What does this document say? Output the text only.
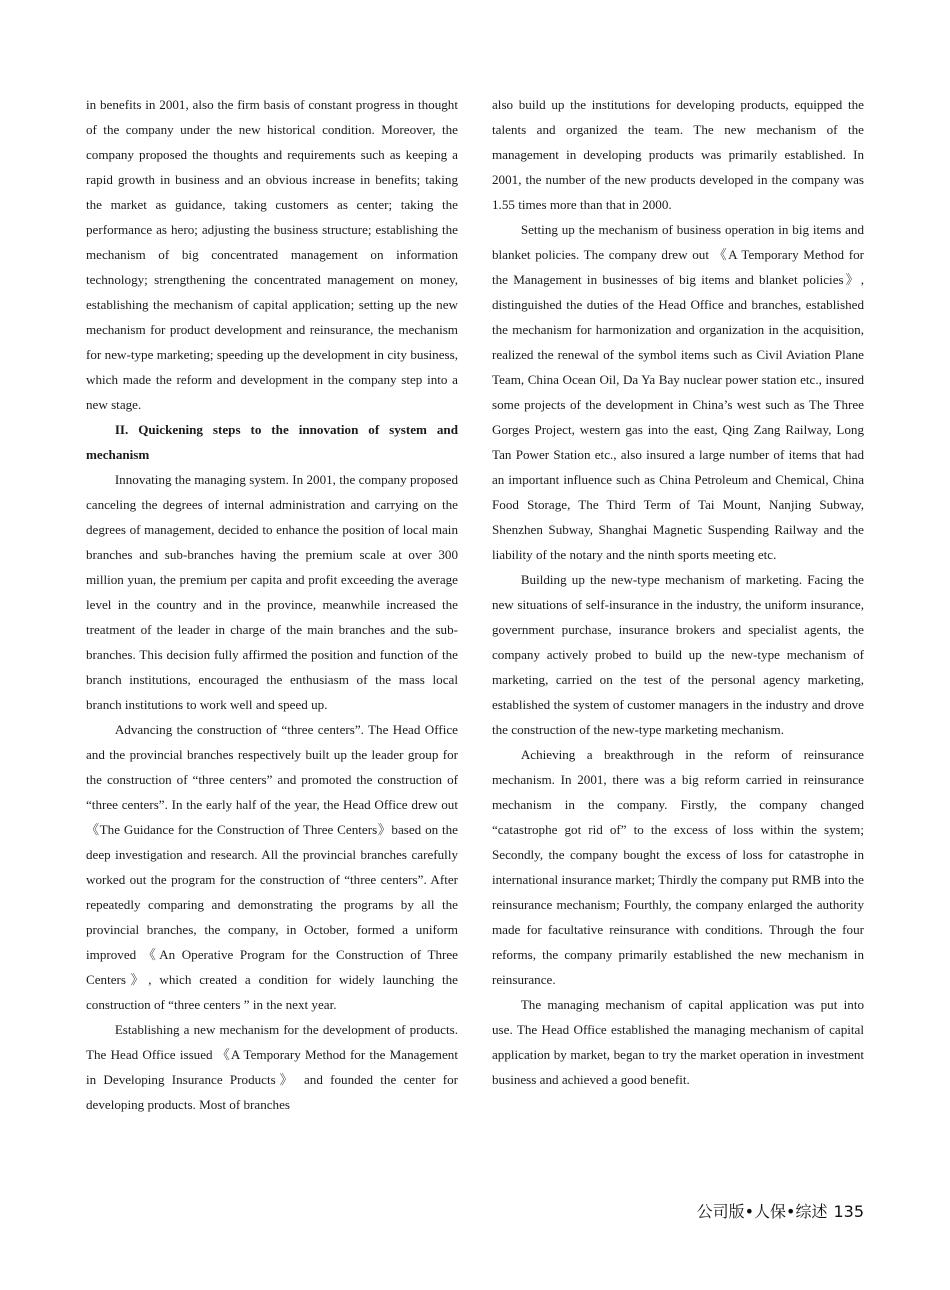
in benefits in 2001, also the firm basis of constant progress in thought of the company under the new historical condition. Moreover, the company proposed the thoughts and requirements such as keeping a rapid growth in business and an obvious increase in benefits; taking the market as guidance, taking customers as center; taking the performance as hero; adjusting the business structure; establishing the mechanism of big concentrated management on information technology; strengthening the concentrated management on money, establishing the mechanism of capital application; setting up the new mechanism for product development and reinsurance, the mechanism for new-type marketing; speeding up the development in city business, which made the reform and development in the company step into a new stage.

II. Quickening steps to the innovation of system and mechanism

Innovating the managing system. In 2001, the company proposed canceling the degrees of internal administration and carrying on the degrees of management, decided to enhance the position of local main branches and sub-branches having the premium scale at over 300 million yuan, the premium per capita and profit exceeding the average level in the country and in the province, meanwhile increased the treatment of the leader in charge of the main branches and the sub-branches. This decision fully affirmed the position and function of the branch institutions, encouraged the enthusiasm of the mass local branch institutions to work well and speed up.

Advancing the construction of “three centers”. The Head Office and the provincial branches respectively built up the leader group for the construction of “three centers” and promoted the construction of “three centers”. In the early half of the year, the Head Office drew out 《The Guidance for the Construction of Three Centers》based on the deep investigation and research. All the provincial branches carefully worked out the program for the construction of “three centers”. After repeatedly comparing and demonstrating the programs by all the provincial branches, the company, in October, formed a uniform improved 《An Operative Program for the Construction of Three Centers》, which created a condition for widely launching the construction of “three centers ” in the next year.

Establishing a new mechanism for the development of products. The Head Office issued 《A Temporary Method for the Management in Developing Insurance Products》 and founded the center for developing products. Most of branches

also build up the institutions for developing products, equipped the talents and organized the team. The new mechanism of the management in developing products was primarily established. In 2001, the number of the new products developed in the company was 1.55 times more than that in 2000.

Setting up the mechanism of business operation in big items and blanket policies. The company drew out 《A Temporary Method for the Management in businesses of big items and blanket policies》, distinguished the duties of the Head Office and branches, established the mechanism for harmonization and organization in the acquisition, realized the renewal of the symbol items such as Civil Aviation Plane Team, China Ocean Oil, Da Ya Bay nuclear power station etc., insured some projects of the development in China’s west such as The Three Gorges Project, western gas into the east, Qing Zang Railway, Long Tan Power Station etc., also insured a large number of items that had an important influence such as China Petroleum and Chemical, China Food Storage, The Third Term of Tai Mount, Nanjing Subway, Shenzhen Subway, Shanghai Magnetic Suspending Railway and the liability of the notary and the ninth sports meeting etc.

Building up the new-type mechanism of marketing. Facing the new situations of self-insurance in the industry, the uniform insurance, government purchase, insurance brokers and specialist agents, the company actively probed to build up the new-type mechanism of marketing, carried on the test of the personal agency marketing, established the system of customer managers in the industry and drove the construction of the new-type marketing mechanism.

Achieving a breakthrough in the reform of reinsurance mechanism. In 2001, there was a big reform carried in reinsurance mechanism in the company. Firstly, the company changed “catastrophe got rid of” to the excess of loss within the system; Secondly, the company bought the excess of loss for catastrophe in international insurance market; Thirdly the company put RMB into the reinsurance mechanism; Fourthly, the company enlarged the authority made for facultative reinsurance with conditions. Through the four reforms, the company primarily established the new mechanism in reinsurance.

The managing mechanism of capital application was put into use. The Head Office established the managing mechanism of capital application by market, began to try the market operation in investment business and achieved a good benefit.

公司版•人保•综述 135
